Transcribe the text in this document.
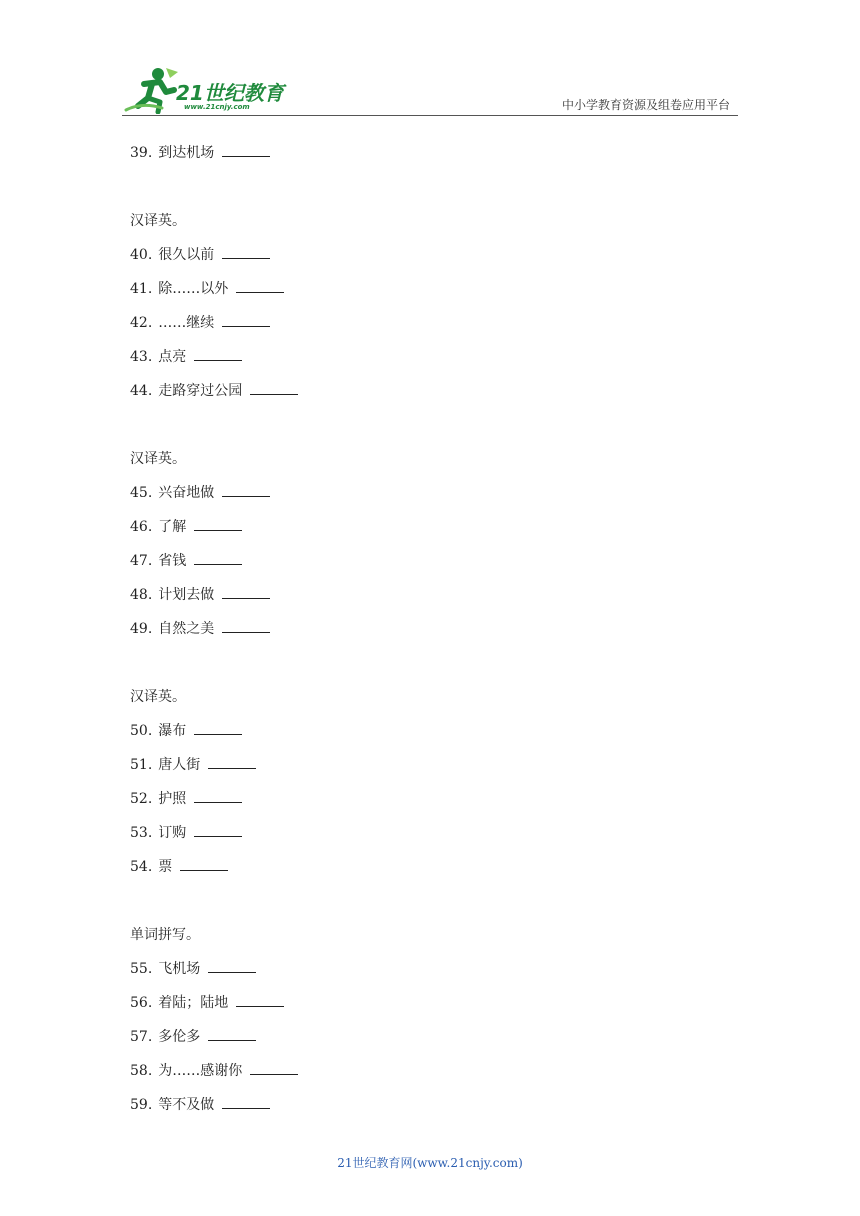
21世纪教育
www.21cnjy.com	中小学教育资源及组卷应用平台
39. 到达机场
汉译英。
40. 很久以前
41. 除……以外
42. ……继续
43. 点亮
44. 走路穿过公园
汉译英。
45. 兴奋地做
46. 了解
47. 省钱
48. 计划去做
49. 自然之美
汉译英。
50. 瀑布
51. 唐人街
52. 护照
53. 订购
54. 票
单词拼写。
55. 飞机场
56. 着陆；陆地
57. 多伦多
58. 为……感谢你
59. 等不及做
21世纪教育网(www.21cnjy.com)
